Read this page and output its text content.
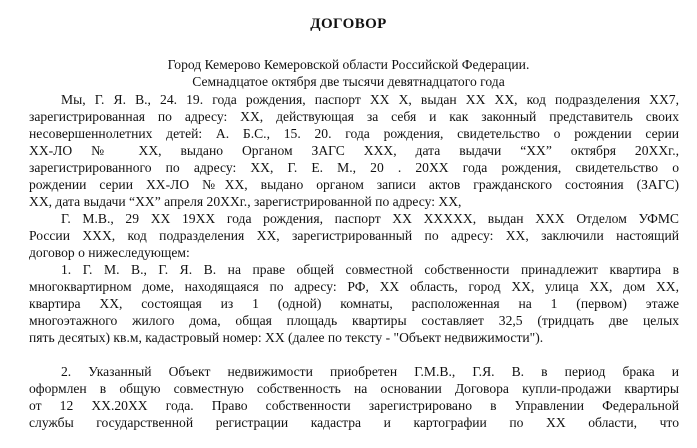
ДОГОВОР
Город Кемерово Кемеровской области Российской Федерации.
Семнадцатое октября две тысячи девятнадцатого года
Мы, Г. Я. В., 24. 19. года рождения, паспорт ХХ Х, выдан ХХ ХХ, код подразделения ХХ7,
зарегистрированная по адресу: ХХ, действующая за себя и как законный представитель своих
несовершеннолетних детей: А. Б.С., 15. 20. года рождения, свидетельство о рождении серии
ХХ-ЛО № ХХ, выдано Органом ЗАГС ХХХ, дата выдачи “ХХ” октября 20ХХг.,
зарегистрированного по адресу: ХХ, Г. Е. М., 20 . 20ХХ года рождения, свидетельство о
рождении серии ХХ-ЛО №ХХ, выдано органом записи актов гражданского состояния (ЗАГС)
ХХ, дата выдачи “ХХ” апреля 20ХХг., зарегистрированной по адресу: ХХ,
Г. М.В., 29 ХХ 19ХХ года рождения, паспорт ХХ ХХХХХ, выдан ХХХ Отделом УФМС
России ХХХ, код подразделения ХХ, зарегистрированный по адресу: ХХ, заключили настоящий
договор о нижеследующем:
1. Г. М. В., Г. Я. В. на праве общей совместной собственности принадлежит квартира в
многоквартирном доме, находящаяся по адресу: РФ, ХХ область, город ХХ, улица ХХ, дом ХХ,
квартира ХХ, состоящая из 1 (одной) комнаты, расположенная на 1 (первом) этаже
многоэтажного жилого дома, общая площадь квартиры составляет 32,5 (тридцать две целых
пять десятых) кв.м, кадастровый номер: ХХ (далее по тексту - "Объект недвижимости").
2. Указанный Объект недвижимости приобретен Г.М.В., Г.Я. В. в период брака и
оформлен в общую совместную собственность на основании Договора купли-продажи квартиры
от 12 ХХ.20ХХ года. Право собственности зарегистрировано в Управлении Федеральной
службы государственной регистрации кадастра и картографии по ХХ области, что
